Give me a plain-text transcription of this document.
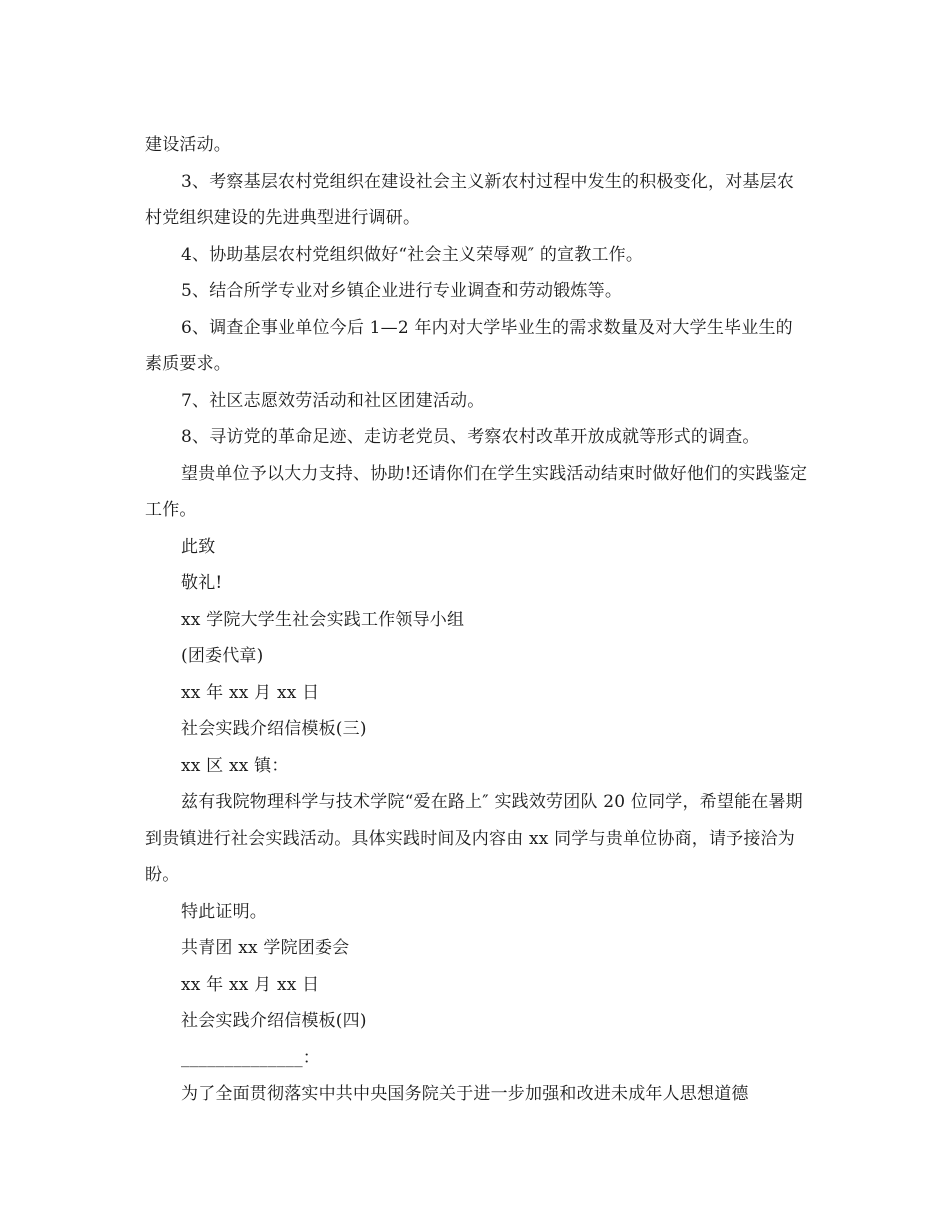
建设活动。

3、考察基层农村党组织在建设社会主义新农村过程中发生的积极变化，对基层农村党组织建设的先进典型进行调研。

4、协助基层农村党组织做好“社会主义荣辱观″ 的宣教工作。

5、结合所学专业对乡镇企业进行专业调查和劳动锻炼等。

6、调查企事业单位今后 1—2 年内对大学毕业生的需求数量及对大学生毕业生的素质要求。

7、社区志愿效劳活动和社区团建活动。

8、寻访党的革命足迹、走访老党员、考察农村改革开放成就等形式的调查。

望贵单位予以大力支持、协助!还请你们在学生实践活动结束时做好他们的实践鉴定工作。

此致

敬礼!

xx 学院大学生社会实践工作领导小组

(团委代章)

xx 年 xx 月 xx 日

社会实践介绍信模板(三)

xx 区 xx 镇：

兹有我院物理科学与技术学院“爱在路上″ 实践效劳团队 20 位同学，希望能在暑期到贵镇进行社会实践活动。具体实践时间及内容由 xx 同学与贵单位协商，请予接洽为盼。

特此证明。

共青团 xx 学院团委会

xx 年 xx 月 xx 日

社会实践介绍信模板(四)

______________：

为了全面贯彻落实中共中央国务院关于进一步加强和改进未成年人思想道德
